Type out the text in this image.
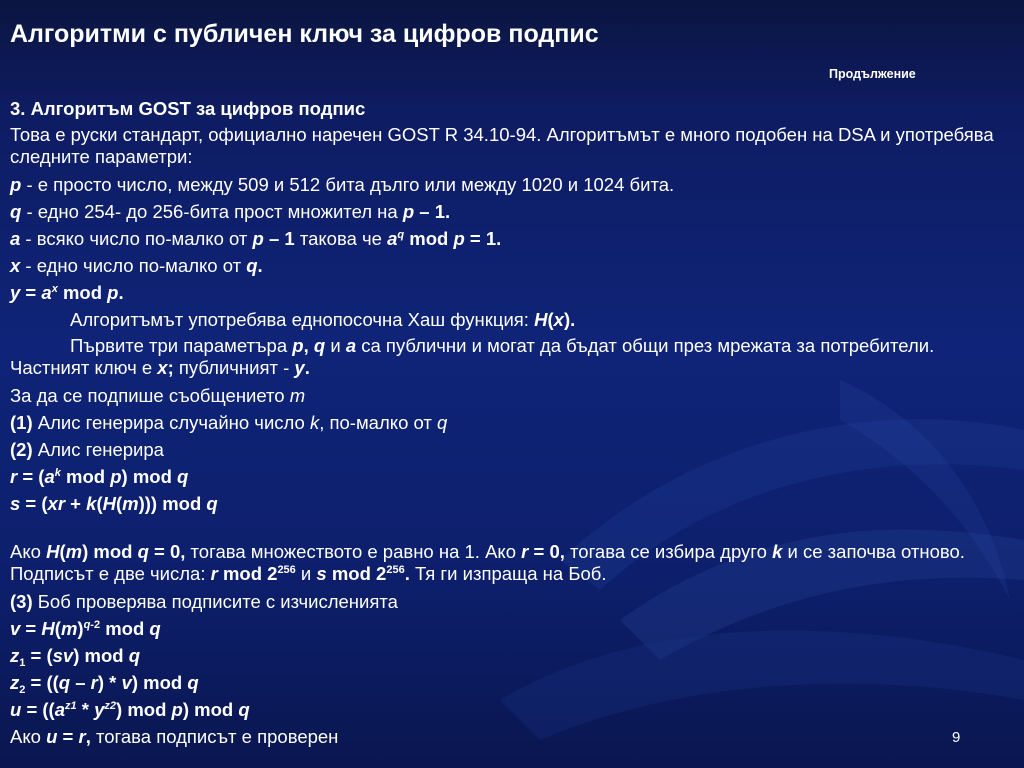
Алгоритми с публичен ключ за цифров подпис
Продължение
3. Алгоритъм GOST за цифров подпис
Това е руски стандарт, официално наречен GOST R 34.10-94. Алгоритъмът е много подобен на DSA и употребява следните параметри:
p - е просто число, между 509 и 512 бита дълго или между 1020 и 1024 бита.
q - едно 254- до 256-бита прост множител на p – 1.
a - всяко число по-малко от p – 1 такова че $a^q$ mod p = 1.
x - едно число по-малко от q.
$y = a^x$ mod p.
Алгоритъмът употребява еднопосочна Хаш функция: H(x).
Първите три параметъра p, q и a са публични и могат да бъдат общи през мрежата за потребители. Частният ключ е x; публичният - y.
За да се подпише съобщението m
(1) Алис генерира случайно число k, по-малко от q
(2) Алис генерира
$r = (a^k$ mod p) mod q
s = (xr + k(H(m))) mod q
Ако H(m) mod q = 0, тогава множеството е равно на 1. Ако r = 0, тогава се избира друго k и се започва отново. Подписът е две числа: r mod $2^{256}$ и s mod $2^{256}$. Тя ги изпраща на Боб.
(3) Боб проверява подписите с изчисленията
$v = H(m)^{q-2}$ mod q
$z_1 = (sv)$ mod q
$z_2 = ((q - r) * v)$ mod q
$u = ((a^{z1} * y^{z2})$ mod p) mod q
Ако u = r, тогава подписът е проверен	9
